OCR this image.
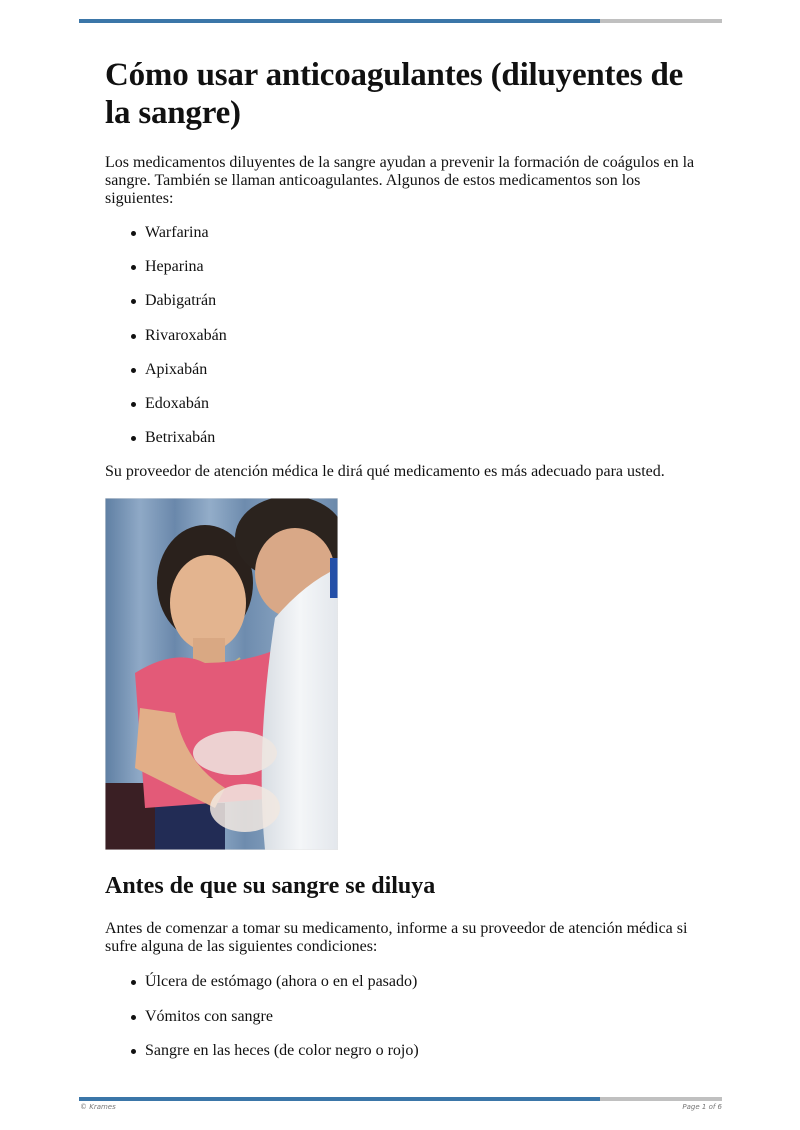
Cómo usar anticoagulantes (diluyentes de la sangre)

Los medicamentos diluyentes de la sangre ayudan a prevenir la formación de coágulos en la sangre. También se llaman anticoagulantes. Algunos de estos medicamentos son los siguientes:

Warfarina
Heparina
Dabigatrán
Rivaroxabán
Apixabán
Edoxabán
Betrixabán

Su proveedor de atención médica le dirá qué medicamento es más adecuado para usted.

Antes de que su sangre se diluya

Antes de comenzar a tomar su medicamento, informe a su proveedor de atención médica si sufre alguna de las siguientes condiciones:

Úlcera de estómago (ahora o en el pasado)
Vómitos con sangre
Sangre en las heces (de color negro o rojo)
© Krames	Page 1 of 6
